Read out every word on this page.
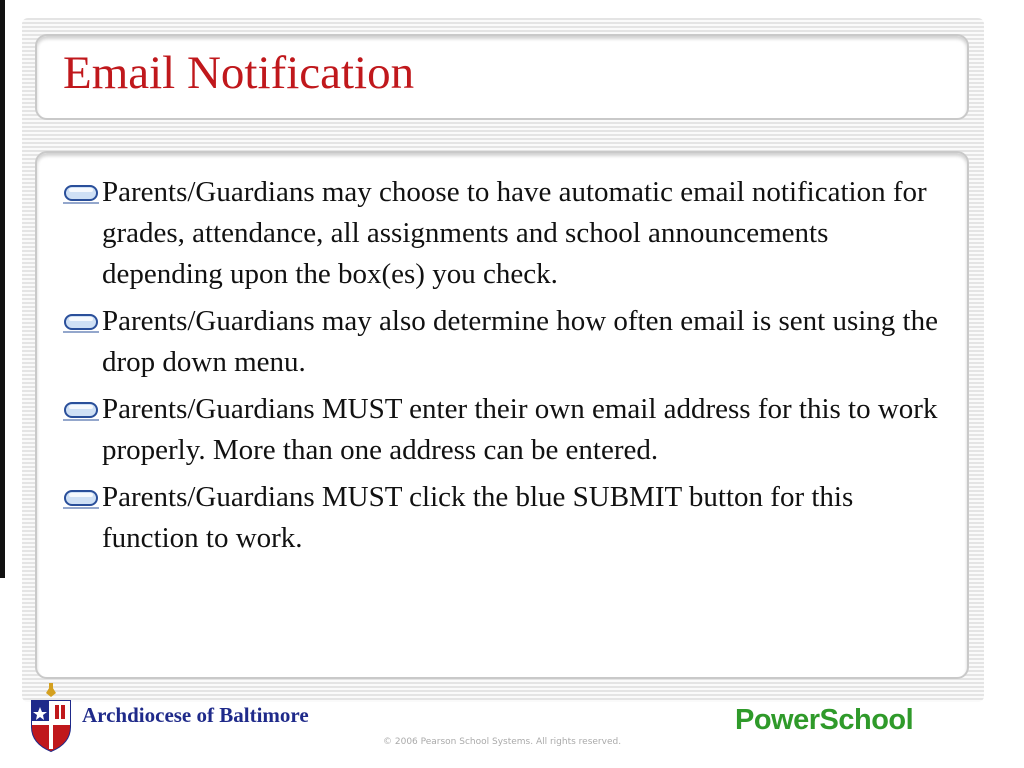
Email Notification
Parents/Guardians may choose to have automatic email notification for grades, attendance, all assignments and school announcements depending upon the box(es) you check.
Parents/Guardians may also determine how often email is sent using the drop down menu.
Parents/Guardians MUST enter their own email address for this to work properly. More than one address can be entered.
Parents/Guardians MUST click the blue SUBMIT button for this function to work.
Archdiocese of Baltimore
© 2006 Pearson School Systems. All rights reserved.
PowerSchool
